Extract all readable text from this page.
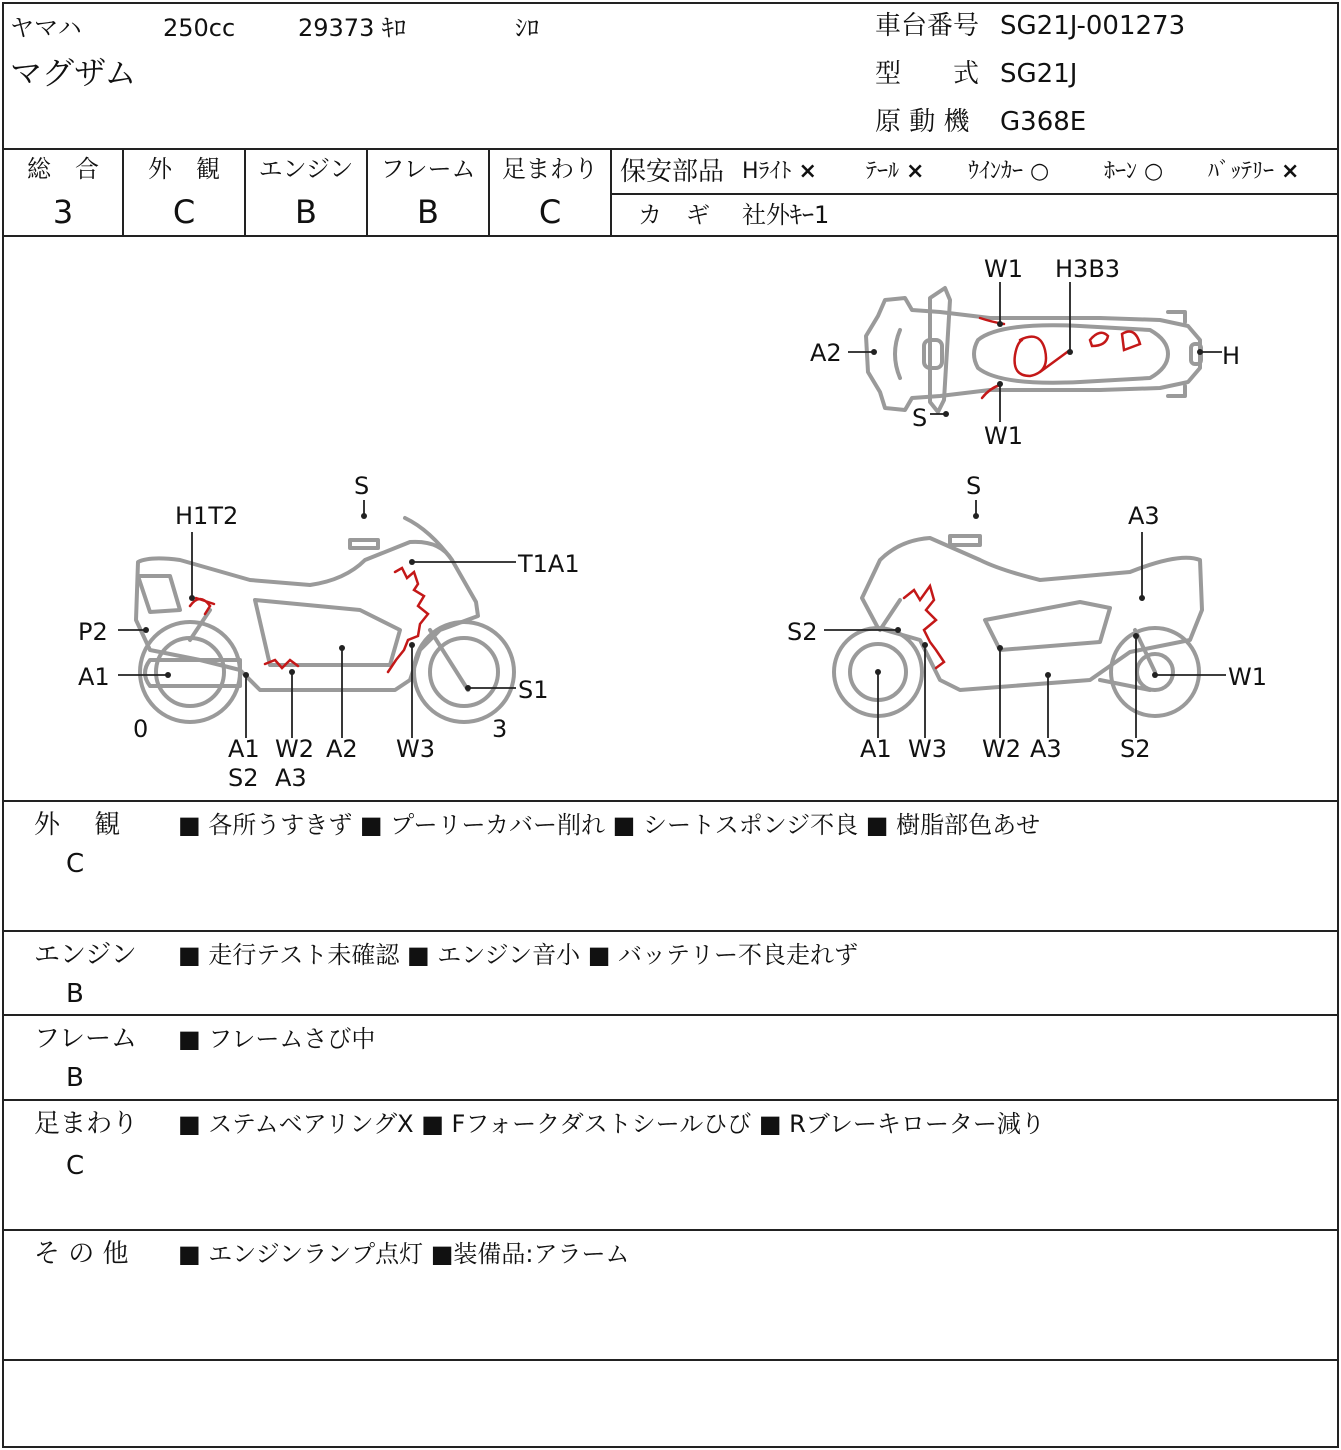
ヤマハ	250cc	29373 ｷﾛ	ｼﾛ
マグザム
車台番号 SG21J-001273
型　　式 SG21J
原 動 機 G368E
総　合
3
外　観
C
エンジン
B
フレーム
B
足まわり
C
保安部品 Hﾗｲﾄ × ﾃｰﾙ × ｳｲﾝｶｰ ○ ﾎｰﾝ ○ ﾊﾞｯﾃﾘｰ ×
カ　ギ 社外ｷｰ1
W1 H3B3
A2	H
S
W1
S
H1T2
T1A1
P2
A1	S1
0	3
A1
S2
W2
A3
A2 W3
S
A3
S2
W1
A1 W3 W2 A3 S2
外　 観
C
■ 各所うすきず ■ プーリーカバー削れ ■ シートスポンジ不良 ■ 樹脂部色あせ
エンジン
B
■ 走行テスト未確認 ■ エンジン音小 ■ バッテリー不良走れず
フレーム
B
■ フレームさび中
足まわり
C
■ ステムベアリングX ■ Fフォークダストシールひび ■ Rブレーキローター減り
そ の 他 ■ エンジンランプ点灯 ■装備品:アラーム
